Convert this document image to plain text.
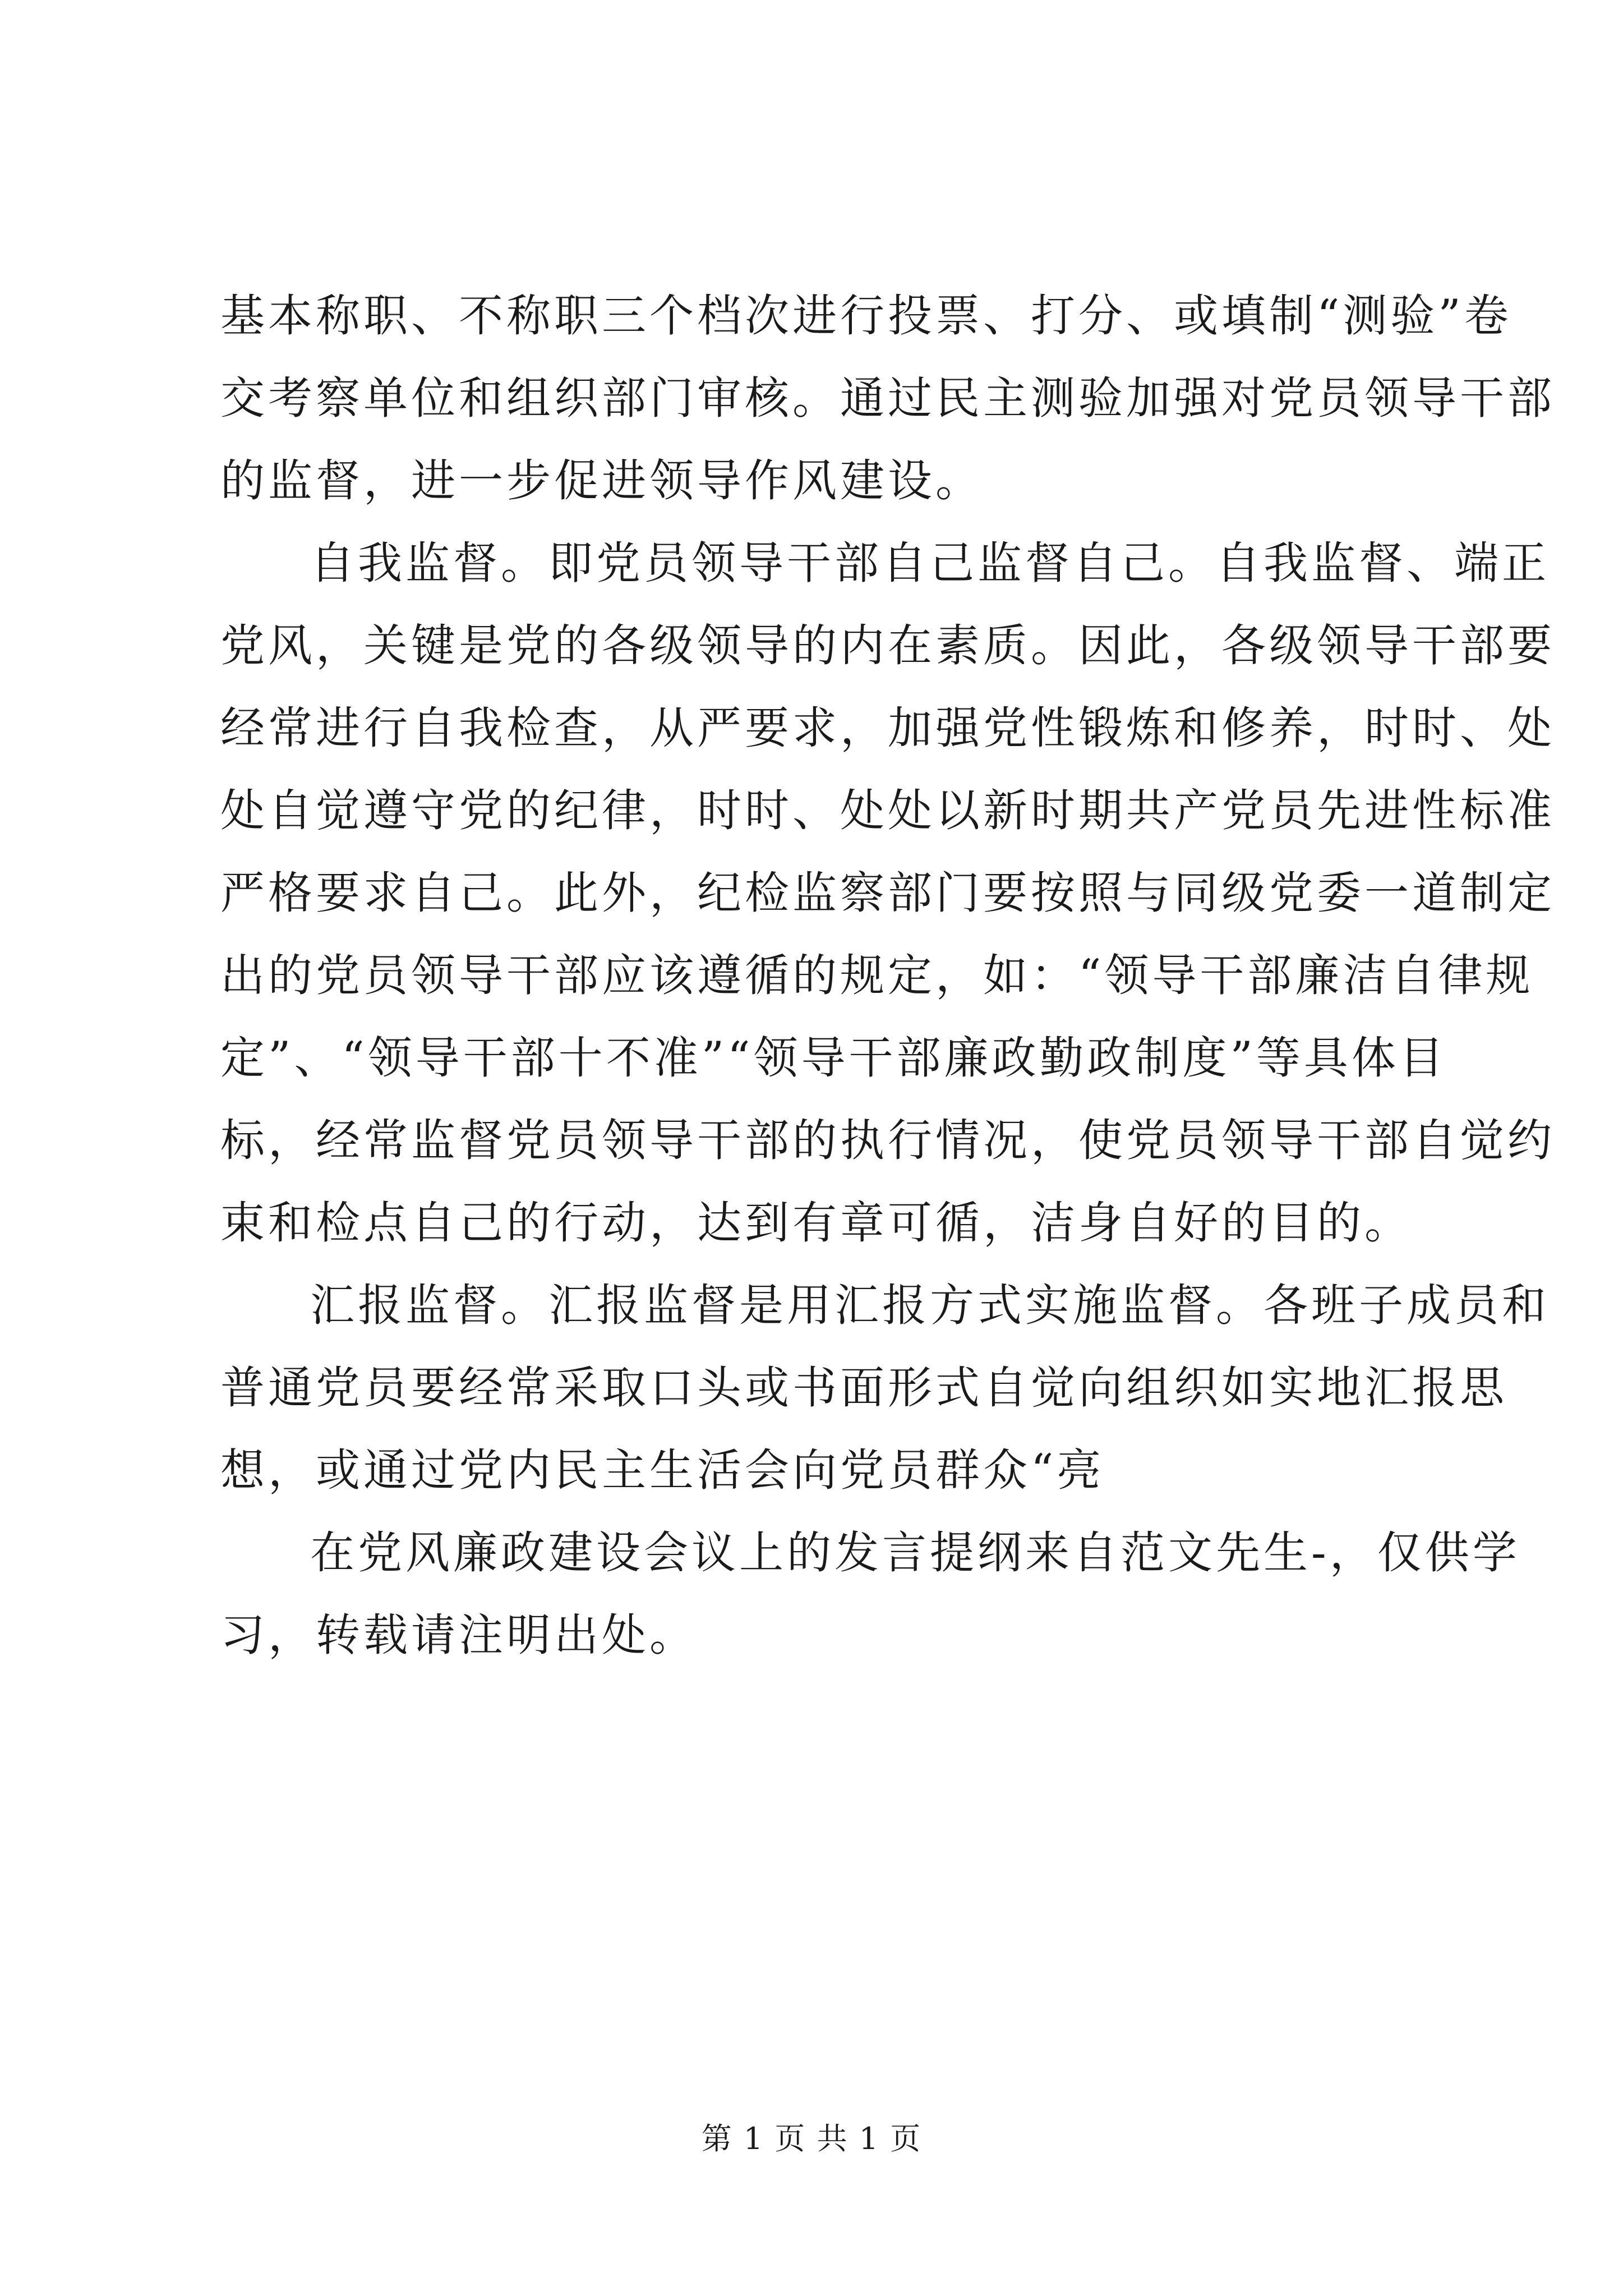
基本称职、不称职三个档次进行投票、打分、或填制“测验”卷
交考察单位和组织部门审核。通过民主测验加强对党员领导干部
的监督，进一步促进领导作风建设。
自我监督。即党员领导干部自己监督自己。自我监督、端正
党风，关键是党的各级领导的内在素质。因此，各级领导干部要
经常进行自我检查，从严要求，加强党性锻炼和修养，时时、处
处自觉遵守党的纪律，时时、处处以新时期共产党员先进性标准
严格要求自己。此外，纪检监察部门要按照与同级党委一道制定
出的党员领导干部应该遵循的规定，如：“领导干部廉洁自律规
定”、“领导干部十不准”“领导干部廉政勤政制度”等具体目
标，经常监督党员领导干部的执行情况，使党员领导干部自觉约
束和检点自己的行动，达到有章可循，洁身自好的目的。
汇报监督。汇报监督是用汇报方式实施监督。各班子成员和
普通党员要经常采取口头或书面形式自觉向组织如实地汇报思
想，或通过党内民主生活会向党员群众“亮
在党风廉政建设会议上的发言提纲来自范文先生-，仅供学
习，转载请注明出处。
第 1 页 共 1 页
